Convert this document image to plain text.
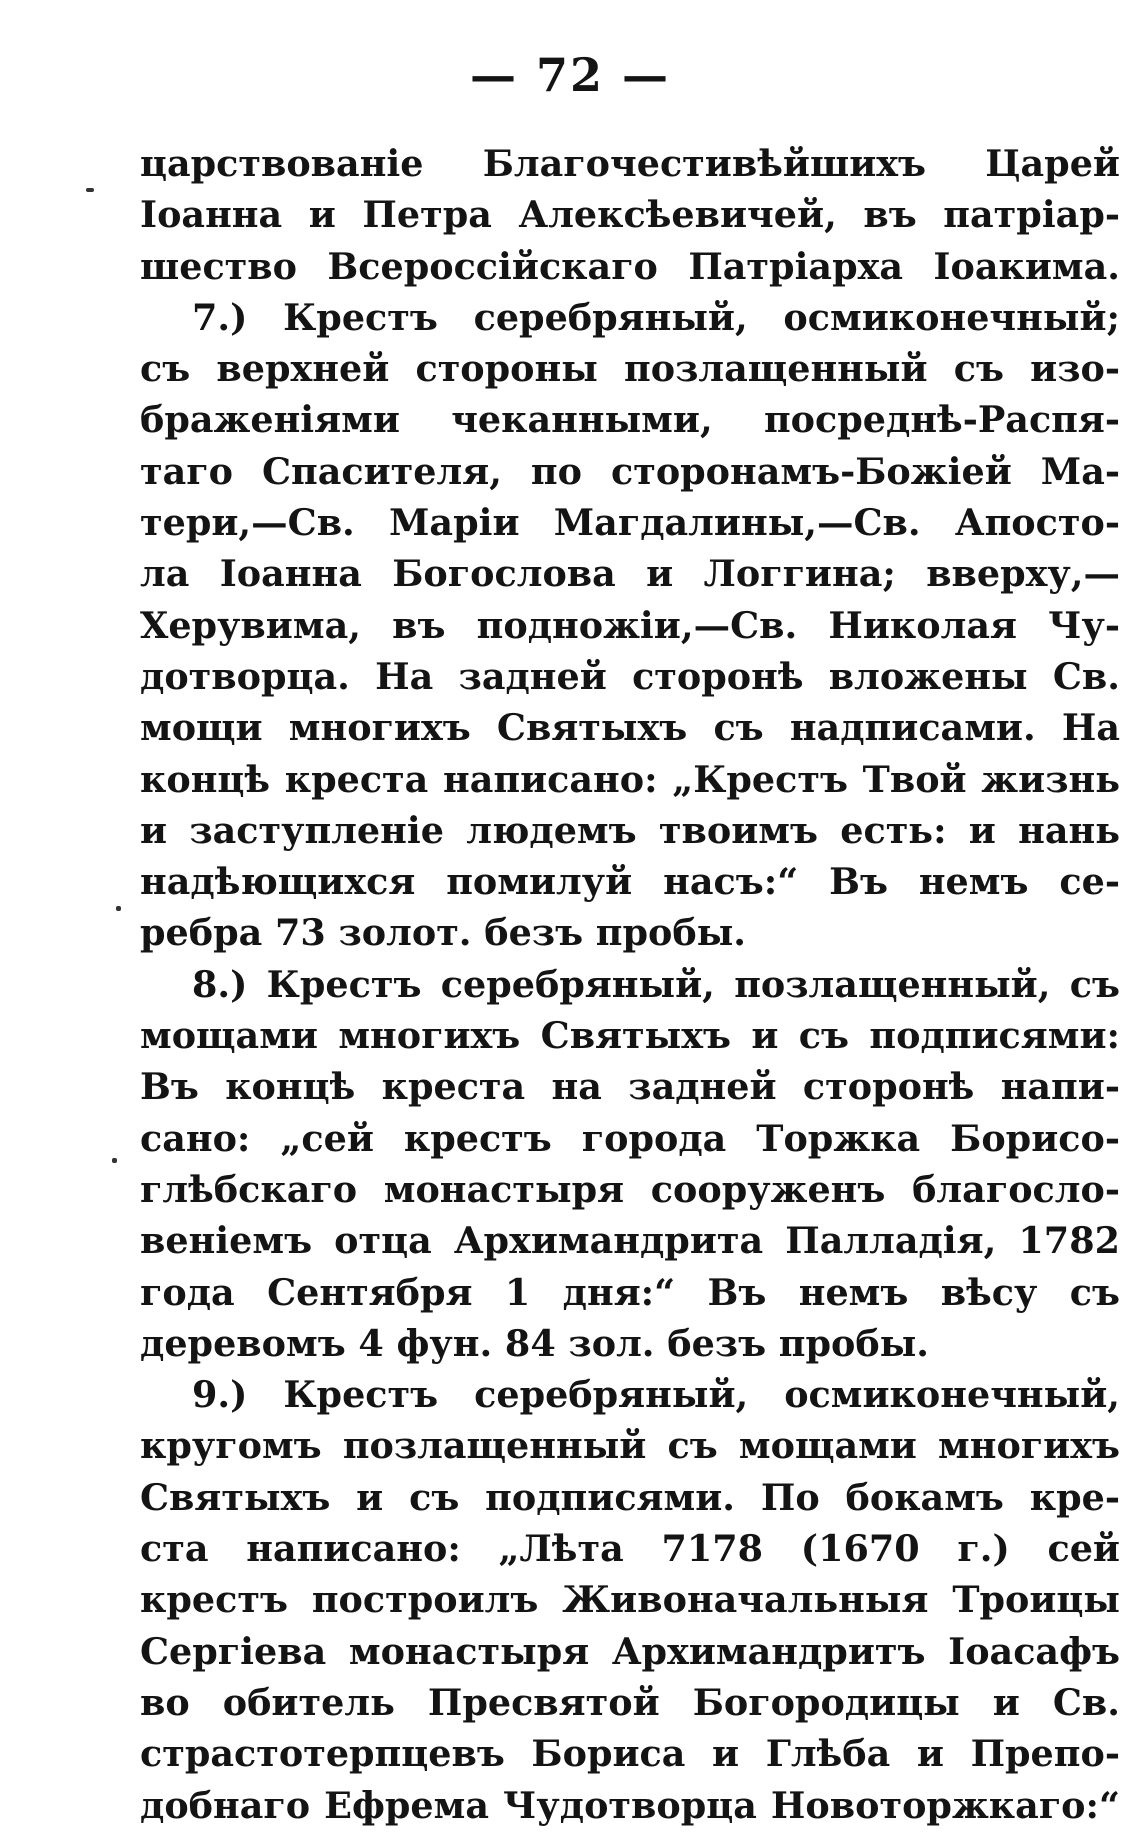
— 72 —
царствованіе Благочестивѣйшихъ Царей
Іоанна и Петра Алексѣевичей, въ патріар-
шество Всероссійскаго Патріарха Іоакима.
7.) Крестъ серебряный, осмиконечный;
съ верхней стороны позлащенный съ изо-
браженіями чеканными, посреднѣ-Распя-
таго Спасителя, по сторонамъ-Божіей Ма-
тери,—Св. Маріи Магдалины,—Св. Апосто-
ла Іоанна Богослова и Логгина; вверху,—
Херувима, въ подножіи,—Св. Николая Чу-
дотворца. На задней сторонѣ вложены Св.
мощи многихъ Святыхъ съ надписами. На
концѣ креста написано: „Крестъ Твой жизнь
и заступленіе людемъ твоимъ есть: и нань
надѣющихся помилуй насъ:“ Въ немъ се-
ребра 73 золот. безъ пробы.
8.) Крестъ серебряный, позлащенный, съ
мощами многихъ Святыхъ и съ подписями:
Въ концѣ креста на задней сторонѣ напи-
сано: „сей крестъ города Торжка Борисо-
глѣбскаго монастыря сооруженъ благосло-
веніемъ отца Архимандрита Палладія, 1782
года Сентября 1 дня:“ Въ немъ вѣсу съ
деревомъ 4 фун. 84 зол. безъ пробы.
9.) Крестъ серебряный, осмиконечный,
кругомъ позлащенный съ мощами многихъ
Святыхъ и съ подписями. По бокамъ кре-
ста написано: „Лѣта 7178 (1670 г.) сей
крестъ построилъ Живоначальныя Троицы
Сергіева монастыря Архимандритъ Іоасафъ
во обитель Пресвятой Богородицы и Св.
страстотерпцевъ Бориса и Глѣба и Препо-
добнаго Ефрема Чудотворца Новоторжкаго:“
